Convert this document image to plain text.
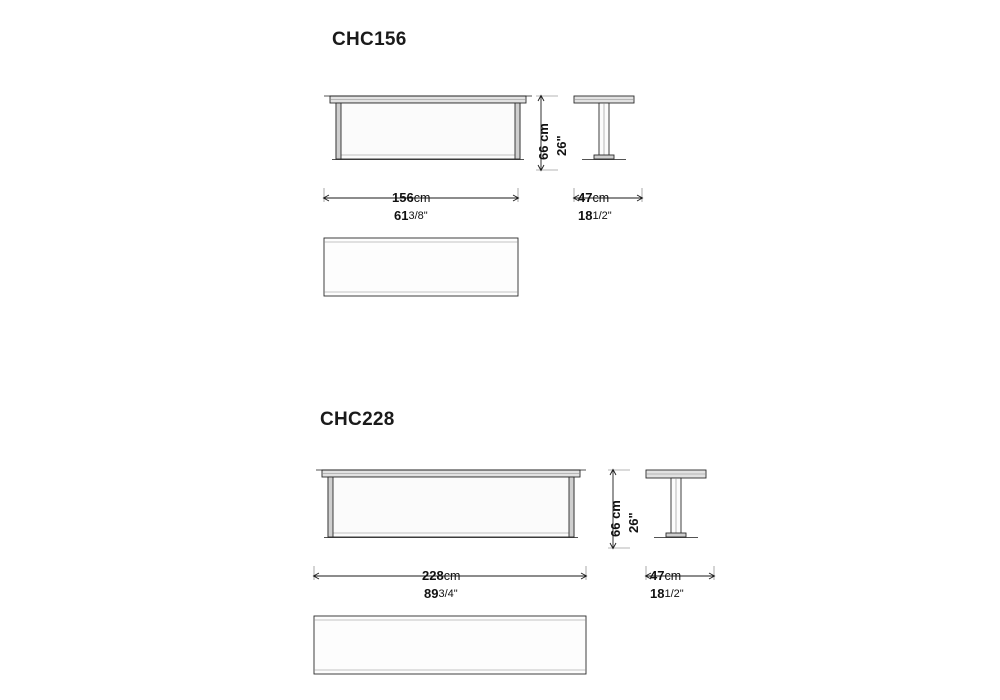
CHC156
66 cm 26"
156cm
613/8"
47cm
181/2"
CHC228
66 cm 26"
228cm
893/4"
47cm
181/2"
